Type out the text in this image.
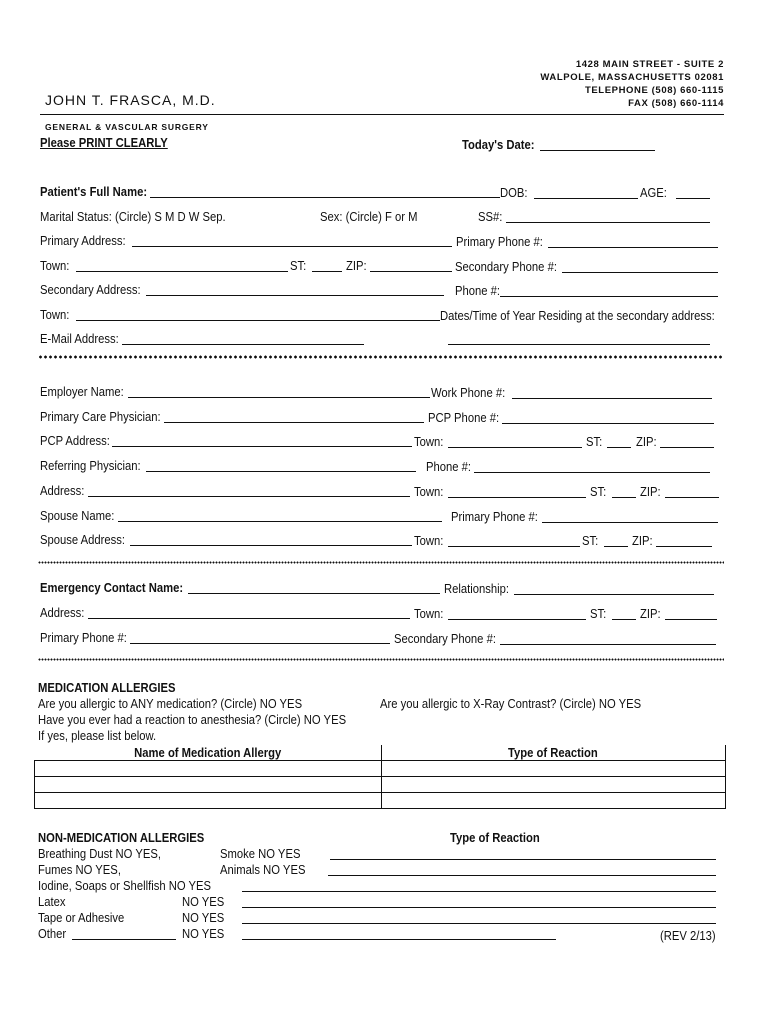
1428 MAIN STREET - SUITE 2
WALPOLE, MASSACHUSETTS 02081
TELEPHONE (508) 660-1115
FAX (508) 660-1114
JOHN T. FRASCA, M.D.
GENERAL & VASCULAR SURGERY
Please PRINT CLEARLY	Today's Date:
Patient's Full Name:	DOB:	AGE:
Marital Status: (Circle) S M D W Sep.	Sex: (Circle) F or M	SS#:
Primary Address:	Primary Phone #:
Town:	ST:	ZIP:	Secondary Phone #:
Secondary Address:	Phone #:
Town:	Dates/Time of Year Residing at the secondary address:
E-Mail Address:
Employer Name:	Work Phone #:
Primary Care Physician:	PCP Phone #:
PCP Address:	Town:	ST:	ZIP:
Referring Physician:	Phone #:
Address:	Town:	ST:	ZIP:
Spouse Name:	Primary Phone #:
Spouse Address:	Town:	ST:	ZIP:
Emergency Contact Name:	Relationship:
Address:	Town:	ST:	ZIP:
Primary Phone #:	Secondary Phone #:
MEDICATION ALLERGIES
Are you allergic to ANY medication? (Circle) NO YES	Are you allergic to X-Ray Contrast? (Circle) NO YES
Have you ever had a reaction to anesthesia? (Circle) NO YES
If yes, please list below.
Name of Medication Allergy	Type of Reaction

NON-MEDICATION ALLERGIES	Type of Reaction
Breathing Dust NO YES,	Smoke NO YES
Fumes NO YES,	Animals NO YES
Iodine, Soaps or Shellfish NO YES
Latex	NO YES
Tape or Adhesive	NO YES
Other	NO YES	(REV 2/13)
